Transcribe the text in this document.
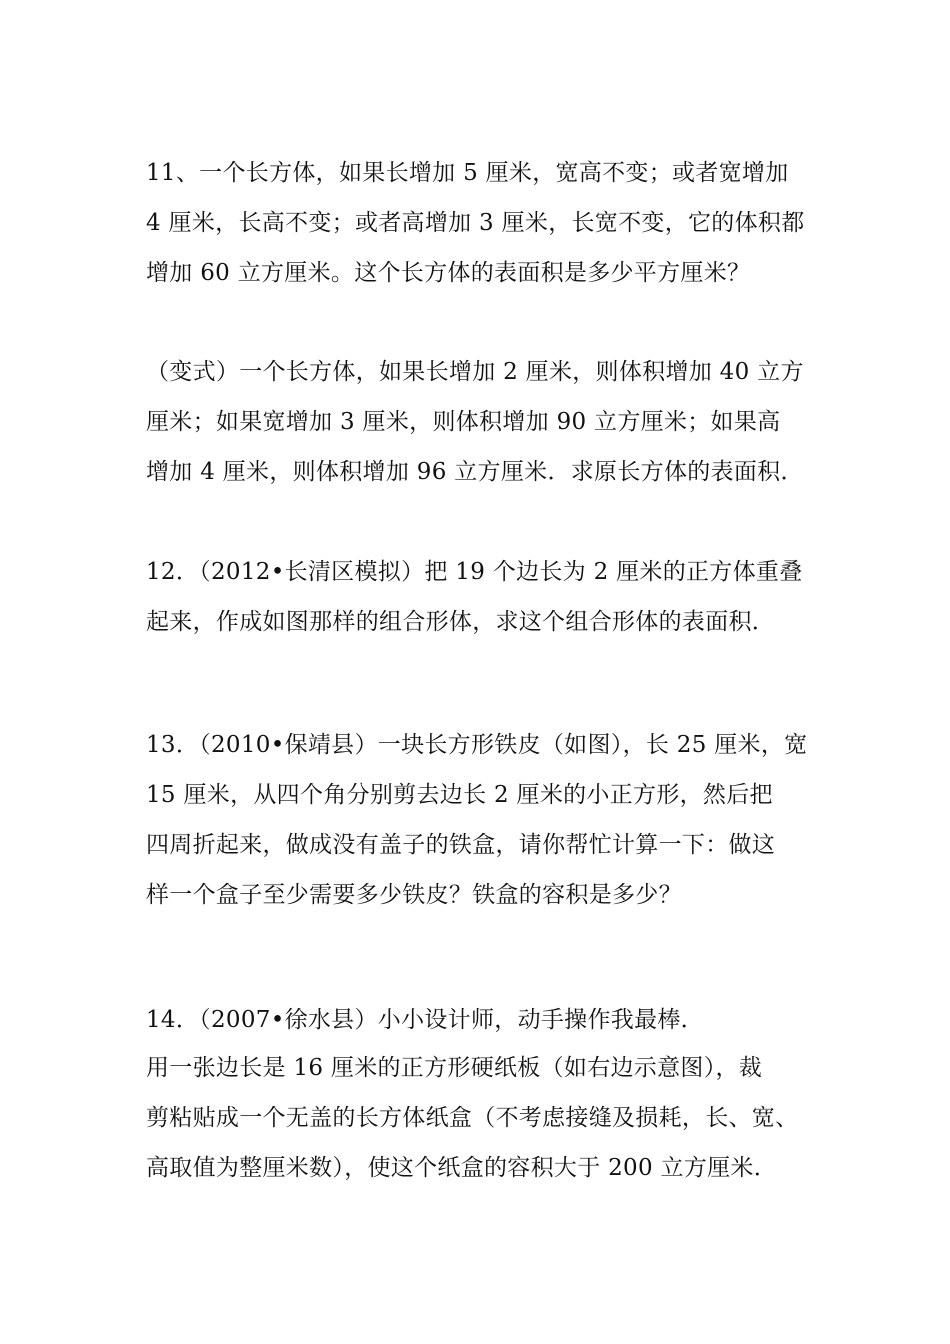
11、一个长方体，如果长增加 5 厘米，宽高不变；或者宽增加
4 厘米，长高不变；或者高增加 3 厘米，长宽不变，它的体积都
增加 60 立方厘米。这个长方体的表面积是多少平方厘米？
（变式）一个长方体，如果长增加 2 厘米，则体积增加 40 立方
厘米；如果宽增加 3 厘米，则体积增加 90 立方厘米；如果高
增加 4 厘米，则体积增加 96 立方厘米．求原长方体的表面积．
12．（2012•长清区模拟）把 19 个边长为 2 厘米的正方体重叠
起来，作成如图那样的组合形体，求这个组合形体的表面积．
13．（2010•保靖县）一块长方形铁皮（如图），长 25 厘米，宽
15 厘米，从四个角分别剪去边长 2 厘米的小正方形，然后把
四周折起来，做成没有盖子的铁盒，请你帮忙计算一下：做这
样一个盒子至少需要多少铁皮？铁盒的容积是多少？
14．（2007•徐水县）小小设计师，动手操作我最棒．
用一张边长是 16 厘米的正方形硬纸板（如右边示意图），裁
剪粘贴成一个无盖的长方体纸盒（不考虑接缝及损耗，长、宽、
高取值为整厘米数），使这个纸盒的容积大于 200 立方厘米．
